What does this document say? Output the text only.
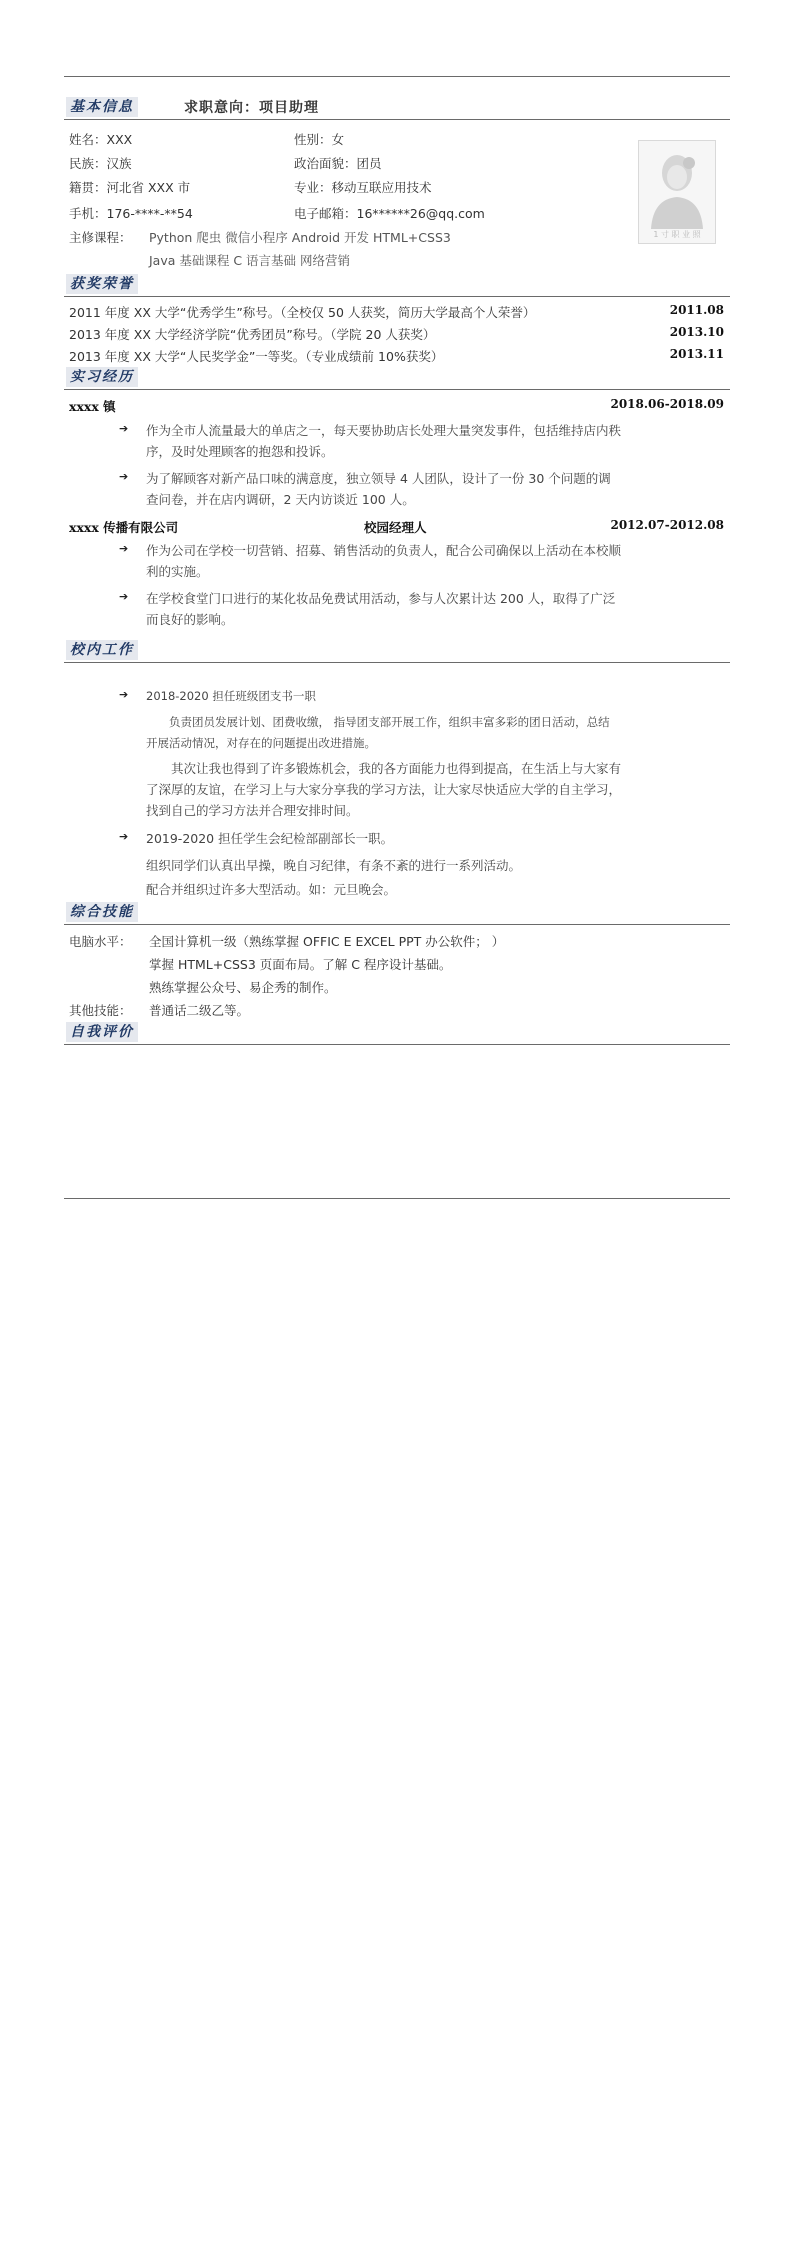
基本信息	求职意向：项目助理
姓名：XXX	性别：女
民族：汉族	政治面貌：团员
籍贯：河北省 XXX 市	专业：移动互联应用技术
手机：176-****-**54	电子邮箱：16******26@qq.com
主修课程： Python 爬虫 微信小程序 Android 开发 HTML+CSS3
Java 基础课程 C 语言基础 网络营销
1 寸 职 业 照
获奖荣誉
2011 年度 XX 大学“优秀学生”称号。（全校仅 50 人获奖，简历大学最高个人荣誉）	2011.08
2013 年度 XX 大学经济学院“优秀团员”称号。（学院 20 人获奖）	2013.10
2013 年度 XX 大学“人民奖学金”一等奖。（专业成绩前 10%获奖）	2013.11
实习经历
xxxx 镇	2018.06-2018.09
➔ 作为全市人流量最大的单店之一，每天要协助店长处理大量突发事件，包括维持店内秩序，及时处理顾客的抱怨和投诉。
➔ 为了解顾客对新产品口味的满意度，独立领导 4 人团队，设计了一份 30 个问题的调查问卷，并在店内调研，2 天内访谈近 100 人。
xxxx 传播有限公司	校园经理人	2012.07-2012.08
➔ 作为公司在学校一切营销、招募、销售活动的负责人，配合公司确保以上活动在本校顺利的实施。
➔ 在学校食堂门口进行的某化妆品免费试用活动，参与人次累计达 200 人，取得了广泛而良好的影响。
校内工作
➔ 2018-2020 担任班级团支书一职
负责团员发展计划、团费收缴， 指导团支部开展工作，组织丰富多彩的团日活动，总结开展活动情况，对存在的问题提出改进措施。
其次让我也得到了许多锻炼机会，我的各方面能力也得到提高，在生活上与大家有了深厚的友谊，在学习上与大家分享我的学习方法，让大家尽快适应大学的自主学习，找到自己的学习方法并合理安排时间。
➔ 2019-2020 担任学生会纪检部副部长一职。
组织同学们认真出早操，晚自习纪律，有条不紊的进行一系列活动。
配合并组织过许多大型活动。如：元旦晚会。
综合技能
电脑水平： 全国计算机一级（熟练掌握 OFFIC E EXCEL PPT 办公软件； ）
掌握 HTML+CSS3 页面布局。了解 C 程序设计基础。
熟练掌握公众号、易企秀的制作。
其他技能： 普通话二级乙等。
自我评价
